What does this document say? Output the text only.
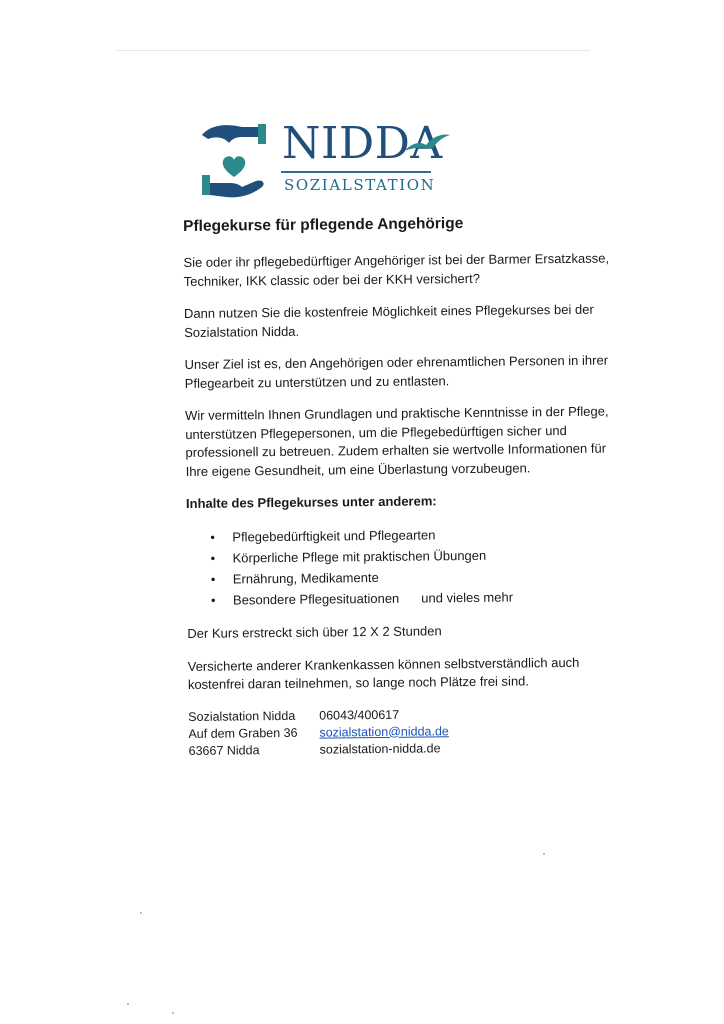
NIDDA
SOZIALSTATION
Pflegekurse für pflegende Angehörige

Sie oder ihr pflegebedürftiger Angehöriger ist bei der Barmer Ersatzkasse, Techniker, IKK classic oder bei der KKH versichert?

Dann nutzen Sie die kostenfreie Möglichkeit eines Pflegekurses bei der Sozialstation Nidda.

Unser Ziel ist es, den Angehörigen oder ehrenamtlichen Personen in ihrer Pflegearbeit zu unterstützen und zu entlasten.

Wir vermitteln Ihnen Grundlagen und praktische Kenntnisse in der Pflege, unterstützen Pflegepersonen, um die Pflegebedürftigen sicher und professionell zu betreuen. Zudem erhalten sie wertvolle Informationen für Ihre eigene Gesundheit, um eine Überlastung vorzubeugen.

Inhalte des Pflegekurses unter anderem:
• Pflegebedürftigkeit und Pflegearten
• Körperliche Pflege mit praktischen Übungen
• Ernährung, Medikamente
• Besondere Pflegesituationen und vieles mehr

Der Kurs erstreckt sich über 12 X 2 Stunden

Versicherte anderer Krankenkassen können selbstverständlich auch kostenfrei daran teilnehmen, so lange noch Plätze frei sind.

Sozialstation Nidda
Auf dem Graben 36
63667 Nidda
06043/400617
sozialstation@nidda.de
sozialstation-nidda.de
